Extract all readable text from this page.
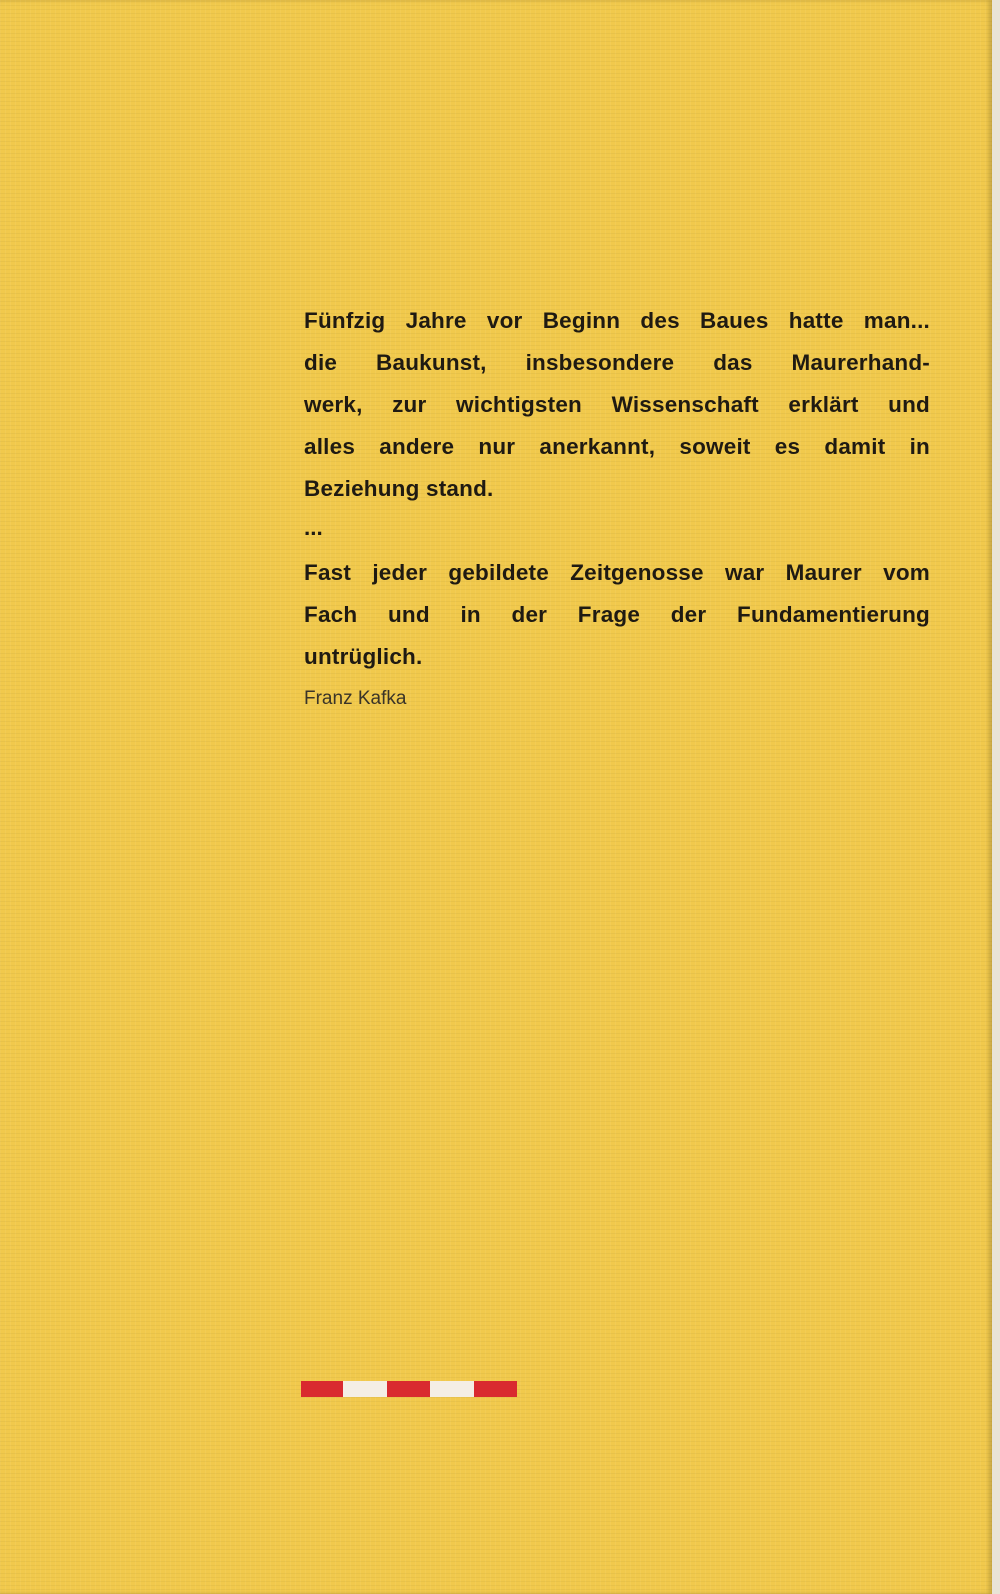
Fünfzig Jahre vor Beginn des Baues hatte man...
die Baukunst, insbesondere das Maurerhand-
werk, zur wichtigsten Wissenschaft erklärt und
alles andere nur anerkannt, soweit es damit in
Beziehung stand.
...
Fast jeder gebildete Zeitgenosse war Maurer vom
Fach und in der Frage der Fundamentierung
untrüglich.
Franz Kafka
